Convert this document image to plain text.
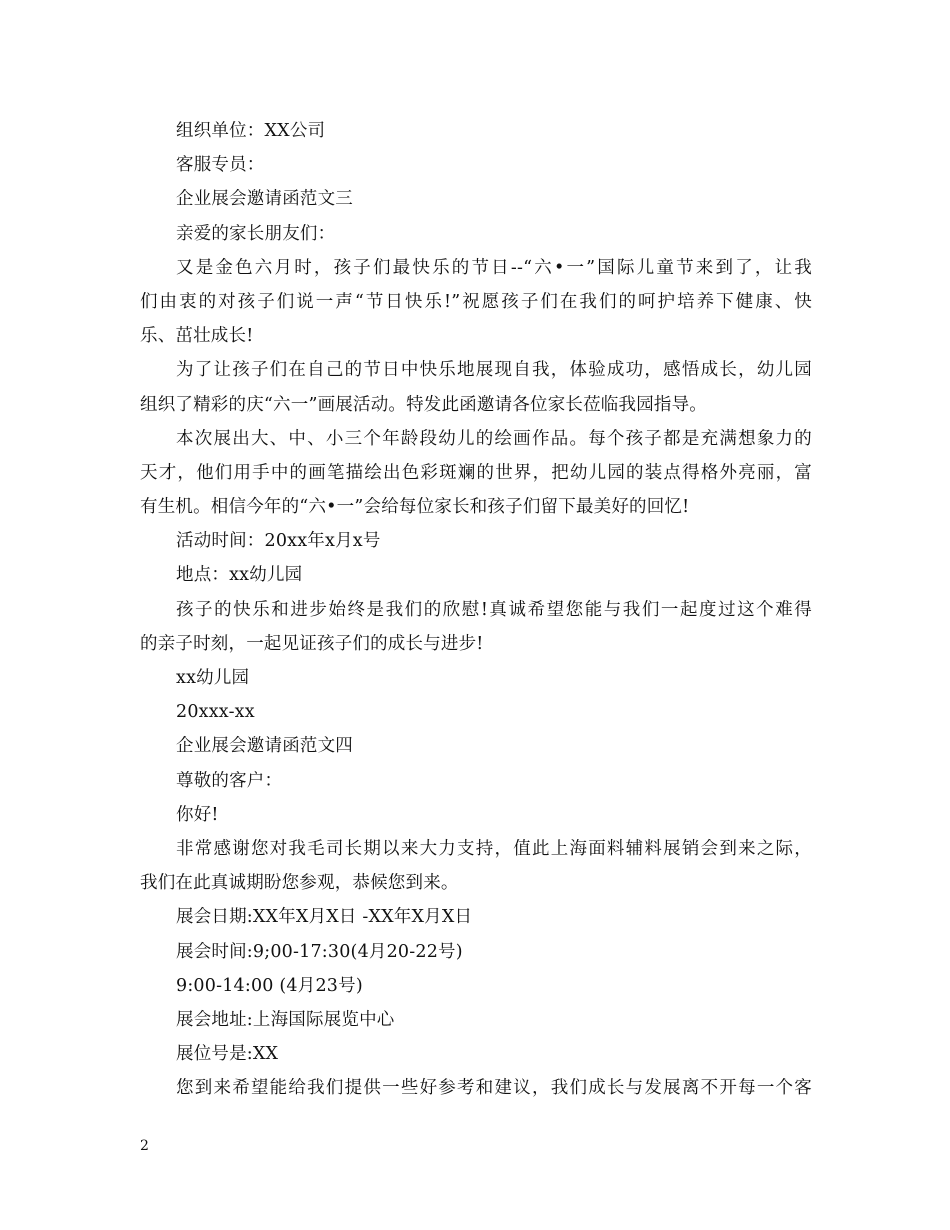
组织单位：XX公司
客服专员：
企业展会邀请函范文三
亲爱的家长朋友们：
又是金色六月时，孩子们最快乐的节日--“六•一”国际儿童节来到了，让我
们由衷的对孩子们说一声“节日快乐!”祝愿孩子们在我们的呵护培养下健康、快
乐、茁壮成长!
为了让孩子们在自己的节日中快乐地展现自我，体验成功，感悟成长，幼儿园
组织了精彩的庆“六一”画展活动。特发此函邀请各位家长莅临我园指导。
本次展出大、中、小三个年龄段幼儿的绘画作品。每个孩子都是充满想象力的
天才，他们用手中的画笔描绘出色彩斑斓的世界，把幼儿园的装点得格外亮丽，富
有生机。相信今年的“六•一”会给每位家长和孩子们留下最美好的回忆!
活动时间：20xx年x月x号
地点：xx幼儿园
孩子的快乐和进步始终是我们的欣慰!真诚希望您能与我们一起度过这个难得
的亲子时刻，一起见证孩子们的成长与进步!
xx幼儿园
20xxx-xx
企业展会邀请函范文四
尊敬的客户：
你好!
非常感谢您对我毛司长期以来大力支持，值此上海面料辅料展销会到来之际，
我们在此真诚期盼您参观，恭候您到来。
展会日期:XX年X月X日 -XX年X月X日
展会时间:9;00-17:30(4月20-22号)
9:00-14:00 (4月23号)
展会地址:上海国际展览中心
展位号是:XX
您到来希望能给我们提供一些好参考和建议，我们成长与发展离不开每一个客
2
